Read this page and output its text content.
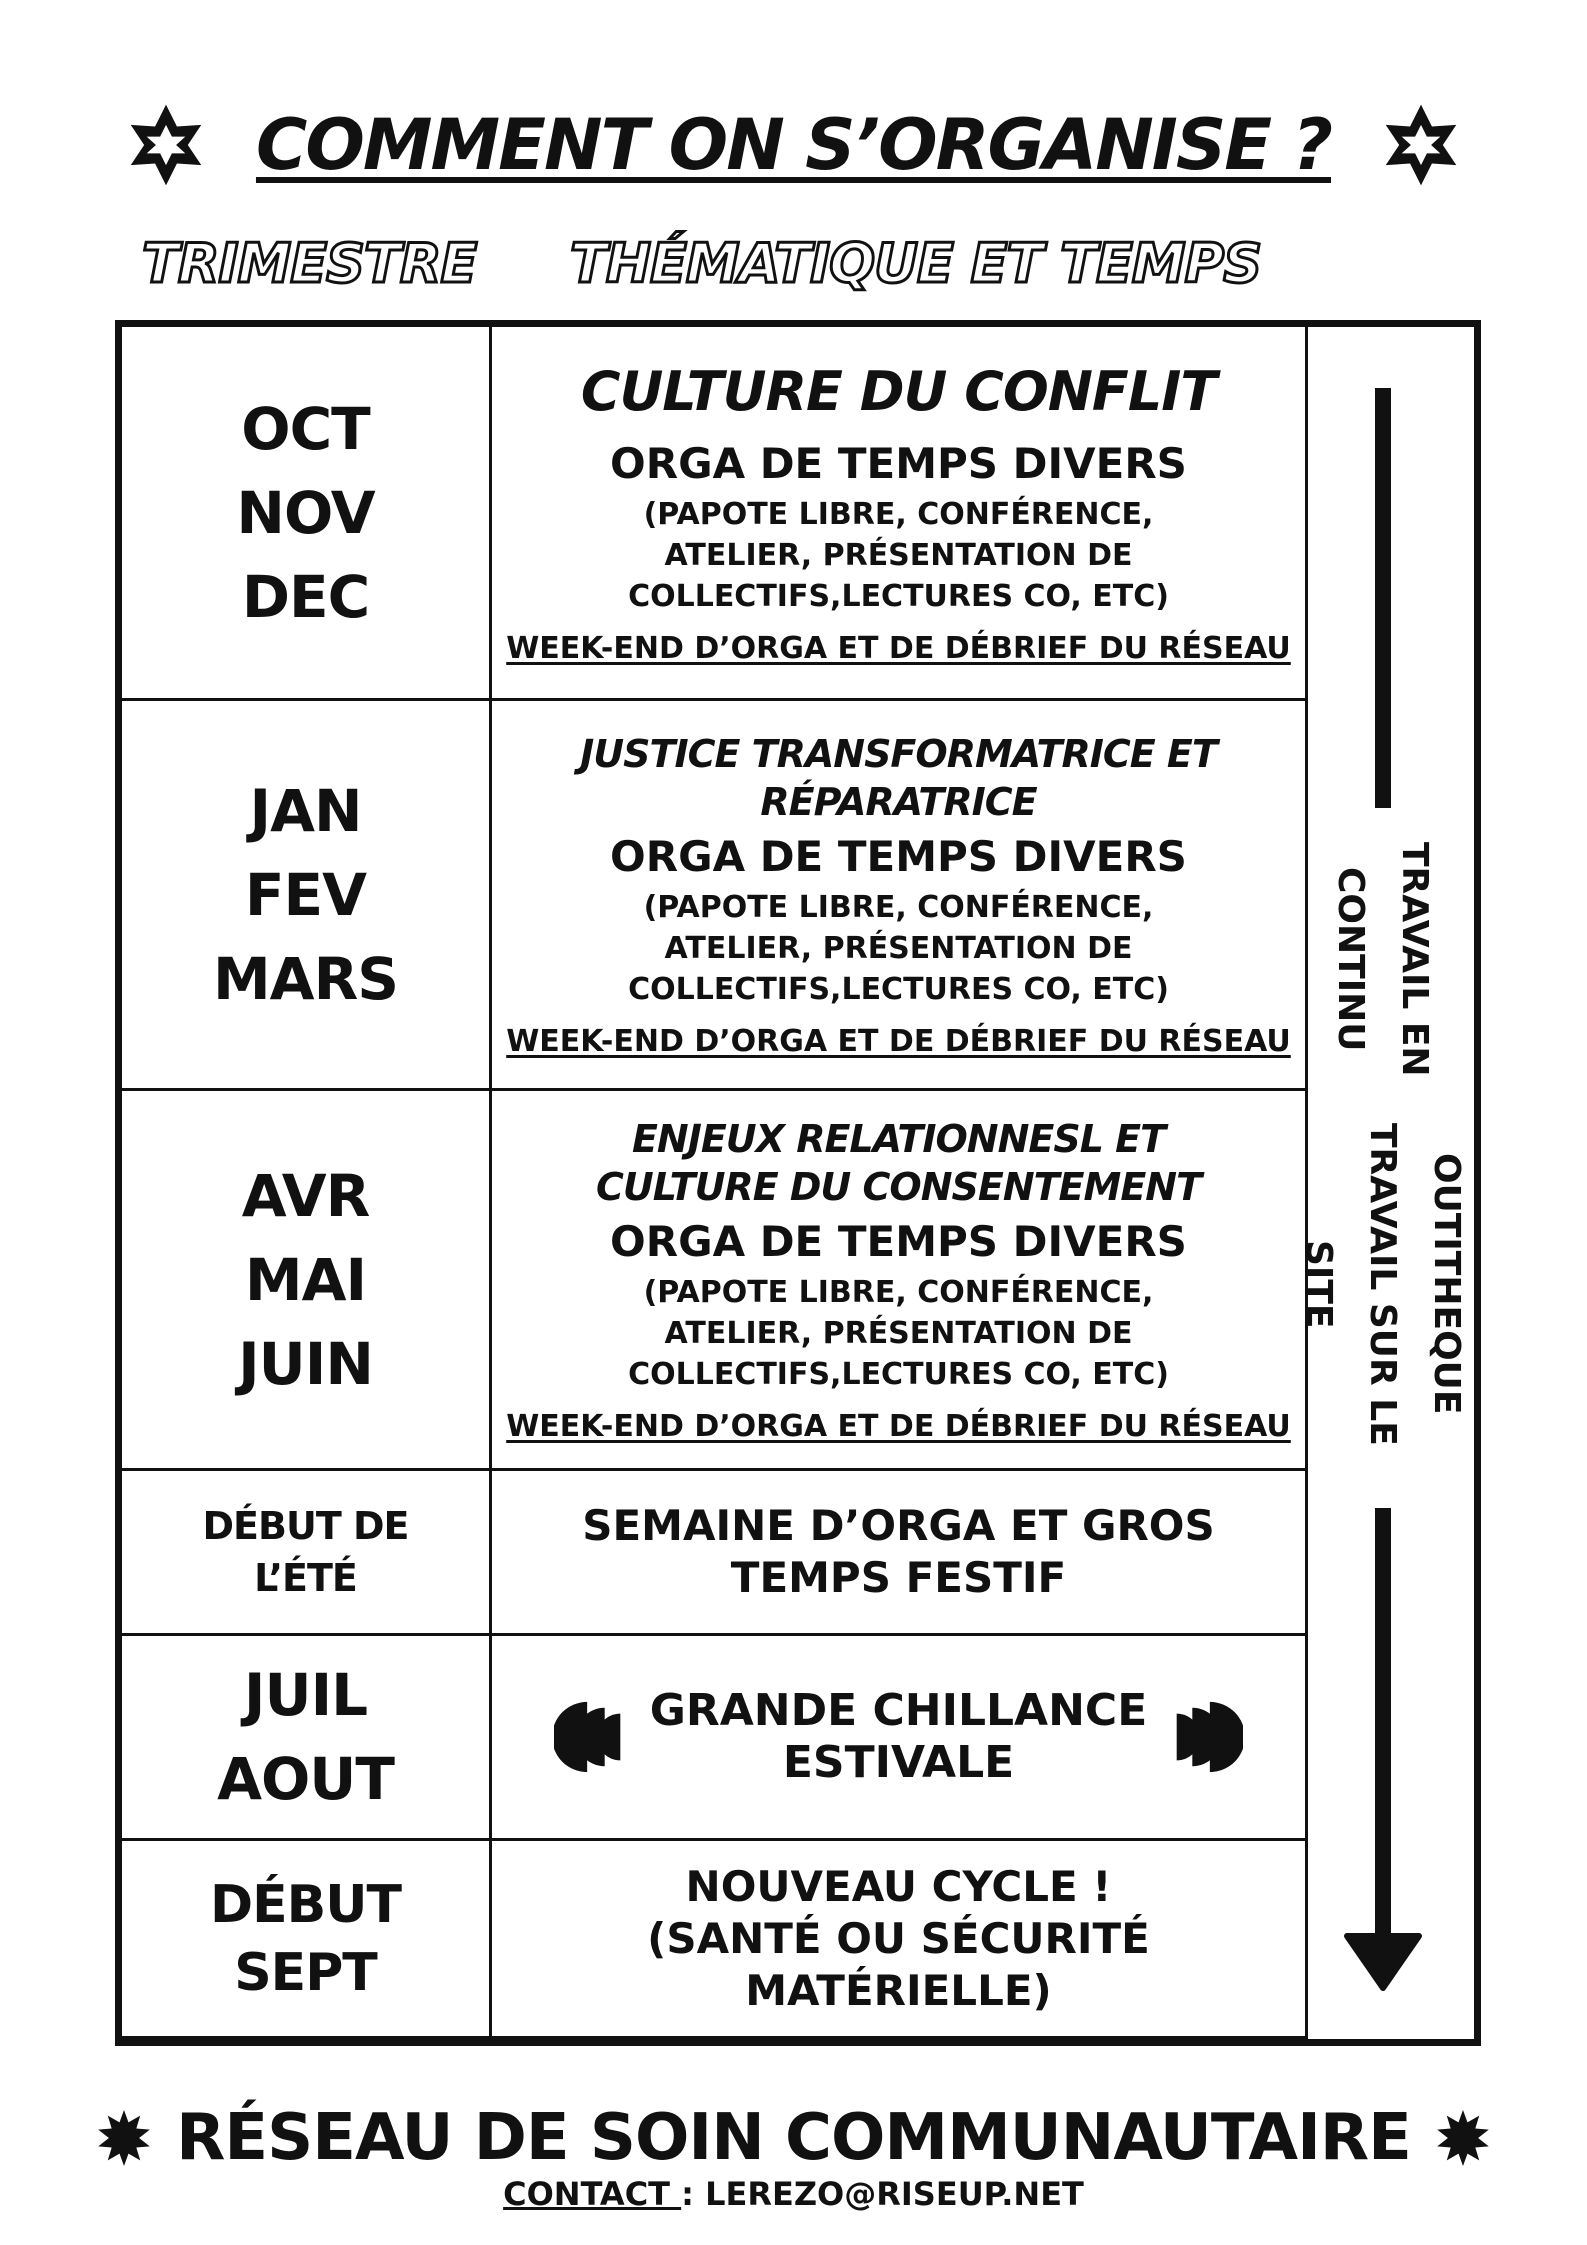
COMMENT ON S’ORGANISE ?
TRIMESTRE THÉMATIQUE ET TEMPS
OCT
NOV
DEC
CULTURE DU CONFLIT
ORGA DE TEMPS DIVERS
(PAPOTE LIBRE, CONFÉRENCE, ATELIER, PRÉSENTATION DE COLLECTIFS,LECTURES CO, ETC)
WEEK-END D’ORGA ET DE DÉBRIEF DU RÉSEAU
JAN
FEV
MARS
JUSTICE TRANSFORMATRICE ET
RÉPARATRICE
ORGA DE TEMPS DIVERS
(PAPOTE LIBRE, CONFÉRENCE, ATELIER, PRÉSENTATION DE COLLECTIFS,LECTURES CO, ETC)
WEEK-END D’ORGA ET DE DÉBRIEF DU RÉSEAU
AVR
MAI
JUIN
ENJEUX RELATIONNESL ET
CULTURE DU CONSENTEMENT
ORGA DE TEMPS DIVERS
(PAPOTE LIBRE, CONFÉRENCE, ATELIER, PRÉSENTATION DE COLLECTIFS,LECTURES CO, ETC)
WEEK-END D’ORGA ET DE DÉBRIEF DU RÉSEAU
DÉBUT DE
L’ÉTÉ
SEMAINE D’ORGA ET GROS
TEMPS FESTIF
JUIL
AOUT
GRANDE CHILLANCE
ESTIVALE
DÉBUT
SEPT
NOUVEAU CYCLE !
(SANTÉ OU SÉCURITÉ
MATÉRIELLE)
TRAVAIL EN CONTINU
OUTITHEQUE TRAVAIL SUR LE SITE
RÉSEAU DE SOIN COMMUNAUTAIRE
CONTACT : LEREZO@RISEUP.NET
